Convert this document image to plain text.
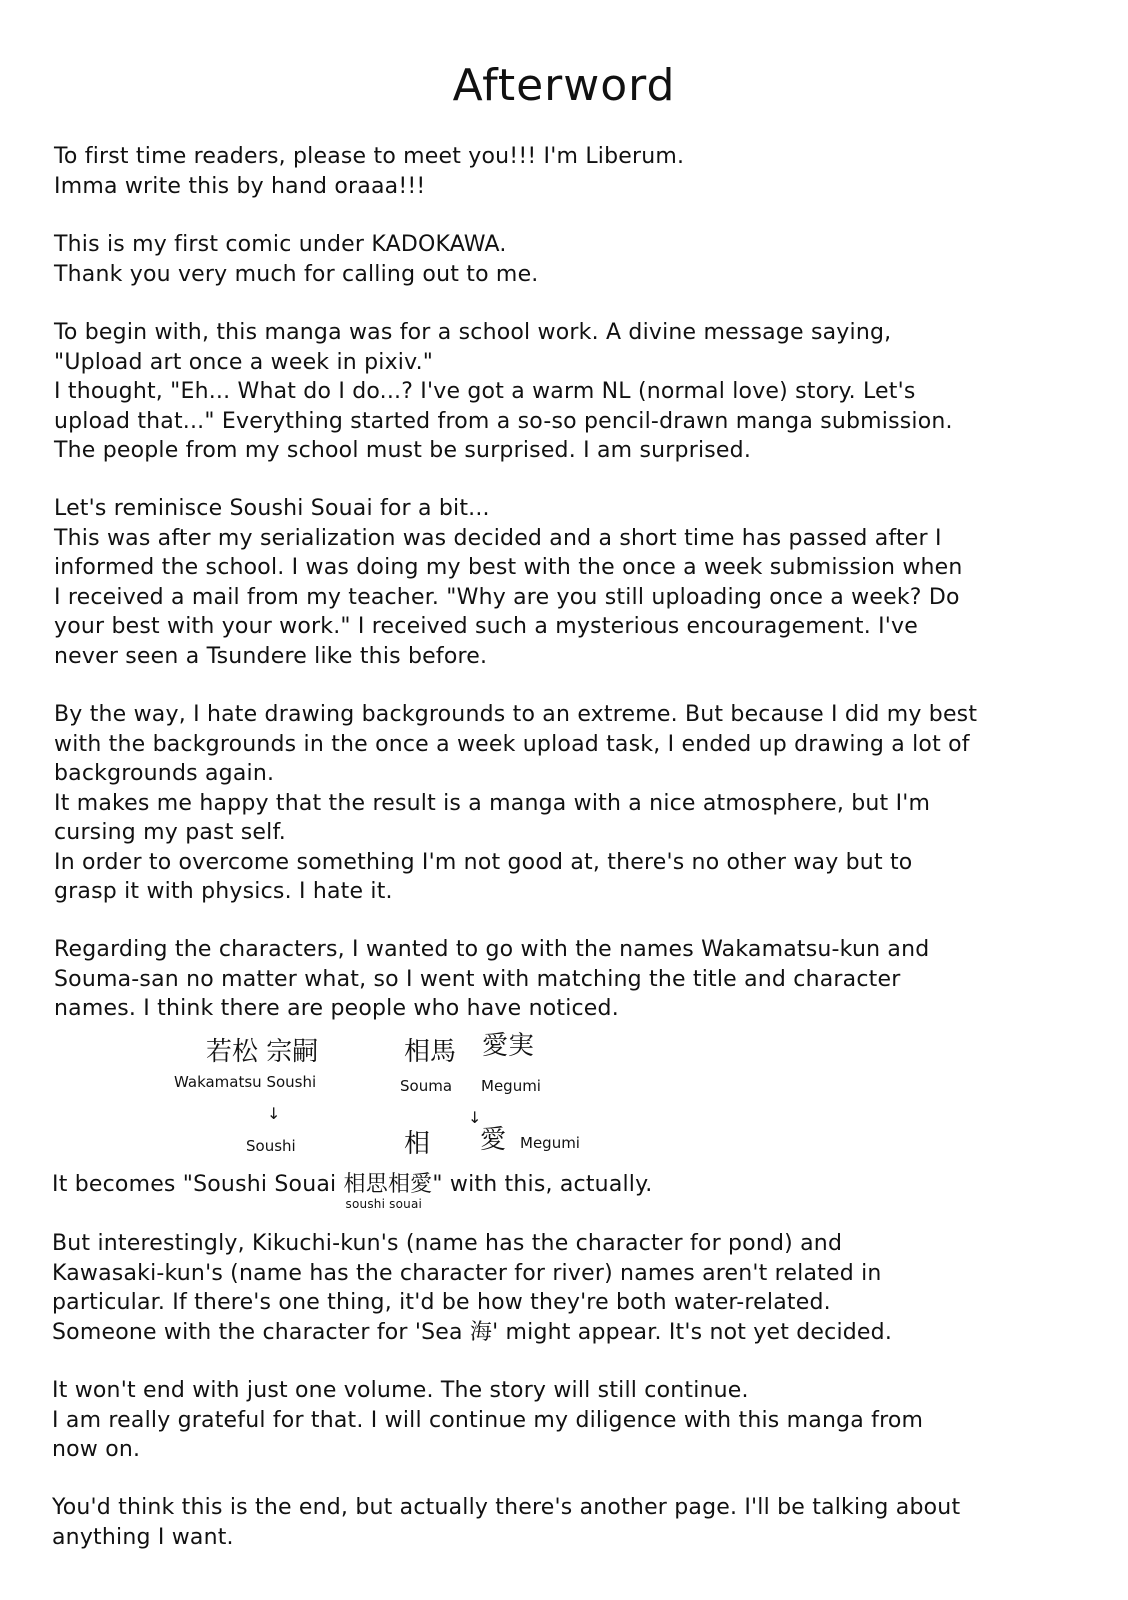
Afterword
To first time readers, please to meet you!!! I'm Liberum.
Imma write this by hand oraaa!!!
This is my first comic under KADOKAWA.
Thank you very much for calling out to me.
To begin with, this manga was for a school work. A divine message saying,
"Upload art once a week in pixiv."
I thought, "Eh... What do I do...? I've got a warm NL (normal love) story. Let's
upload that..." Everything started from a so-so pencil-drawn manga submission.
The people from my school must be surprised. I am surprised.
Let's reminisce Soushi Souai for a bit...
This was after my serialization was decided and a short time has passed after I
informed the school. I was doing my best with the once a week submission when
I received a mail from my teacher. "Why are you still uploading once a week? Do
your best with your work." I received such a mysterious encouragement. I've
never seen a Tsundere like this before.
By the way, I hate drawing backgrounds to an extreme. But because I did my best
with the backgrounds in the once a week upload task, I ended up drawing a lot of
backgrounds again.
It makes me happy that the result is a manga with a nice atmosphere, but I'm
cursing my past self.
In order to overcome something I'm not good at, there's no other way but to
grasp it with physics. I hate it.
Regarding the characters, I wanted to go with the names Wakamatsu-kun and
Souma-san no matter what, so I went with matching the title and character
names. I think there are people who have noticed.
若松 宗嗣
Wakamatsu Soushi
相馬 愛実
Souma Megumi
↓	↓
Soushi	相 愛 Megumi
It becomes "Soushi Souai 相思相愛
soushi souai
" with this, actually.
But interestingly, Kikuchi-kun's (name has the character for pond) and
Kawasaki-kun's (name has the character for river) names aren't related in
particular. If there's one thing, it'd be how they're both water-related.
Someone with the character for 'Sea 海' might appear. It's not yet decided.
It won't end with just one volume. The story will still continue.
I am really grateful for that. I will continue my diligence with this manga from
now on.
You'd think this is the end, but actually there's another page. I'll be talking about
anything I want.
